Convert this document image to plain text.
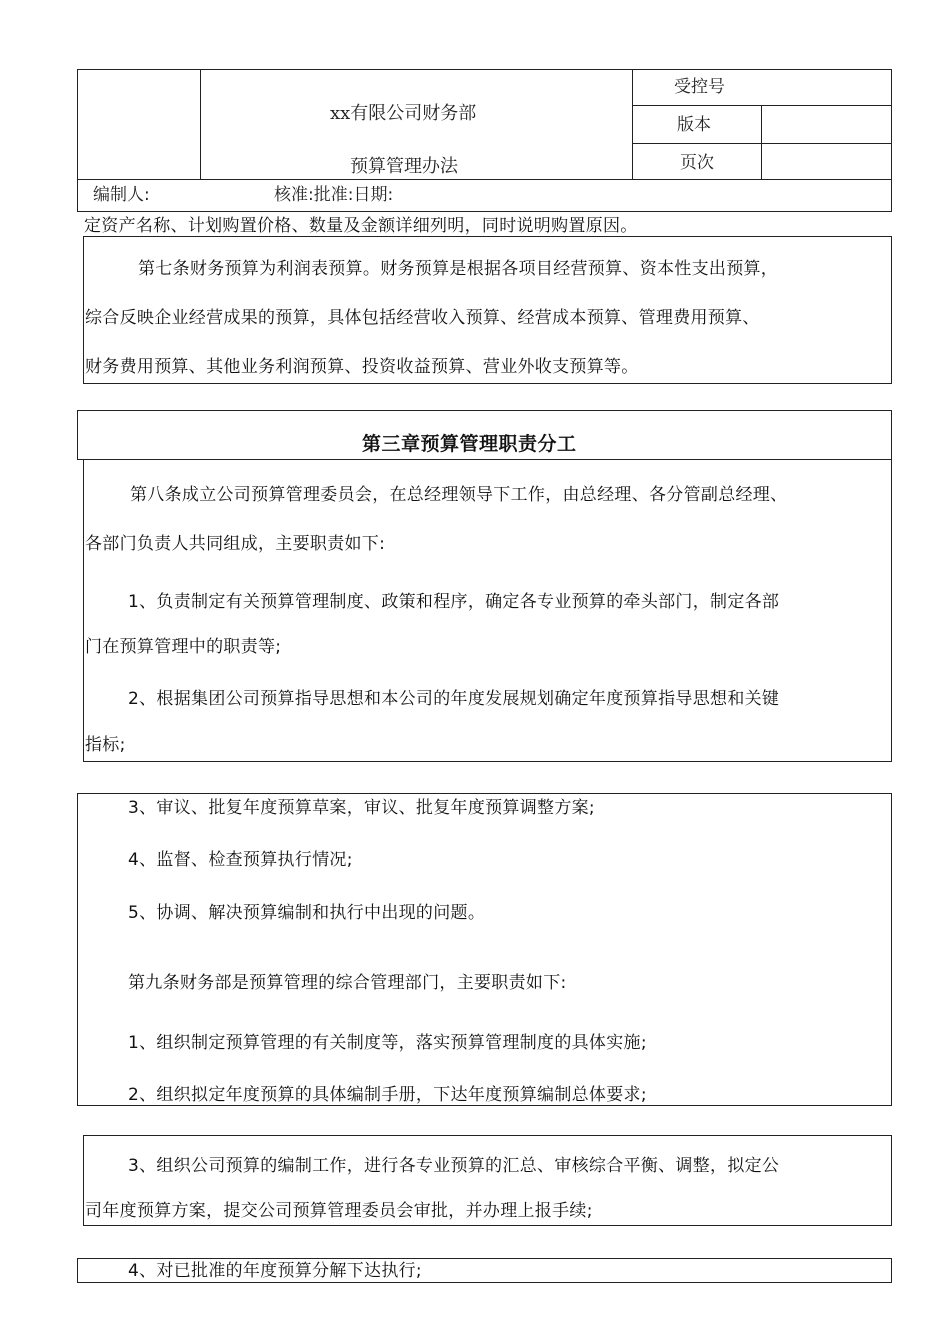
xx有限公司财务部
预算管理办法
受控号
版本
页次
编制人:	核准:批准:日期:
定资产名称、计划购置价格、数量及金额详细列明，同时说明购置原因。
第七条财务预算为利润表预算。财务预算是根据各项目经营预算、资本性支出预算，
综合反映企业经营成果的预算，具体包括经营收入预算、经营成本预算、管理费用预算、
财务费用预算、其他业务利润预算、投资收益预算、营业外收支预算等。
第三章预算管理职责分工
第八条成立公司预算管理委员会，在总经理领导下工作，由总经理、各分管副总经理、
各部门负责人共同组成，主要职责如下:
1、负责制定有关预算管理制度、政策和程序，确定各专业预算的牵头部门，制定各部
门在预算管理中的职责等;
2、根据集团公司预算指导思想和本公司的年度发展规划确定年度预算指导思想和关键
指标;
3、审议、批复年度预算草案，审议、批复年度预算调整方案;
4、监督、检查预算执行情况;
5、协调、解决预算编制和执行中出现的问题。
第九条财务部是预算管理的综合管理部门，主要职责如下:
1、组织制定预算管理的有关制度等，落实预算管理制度的具体实施;
2、组织拟定年度预算的具体编制手册，下达年度预算编制总体要求;
3、组织公司预算的编制工作，进行各专业预算的汇总、审核综合平衡、调整，拟定公
司年度预算方案，提交公司预算管理委员会审批，并办理上报手续;
4、对已批准的年度预算分解下达执行;
